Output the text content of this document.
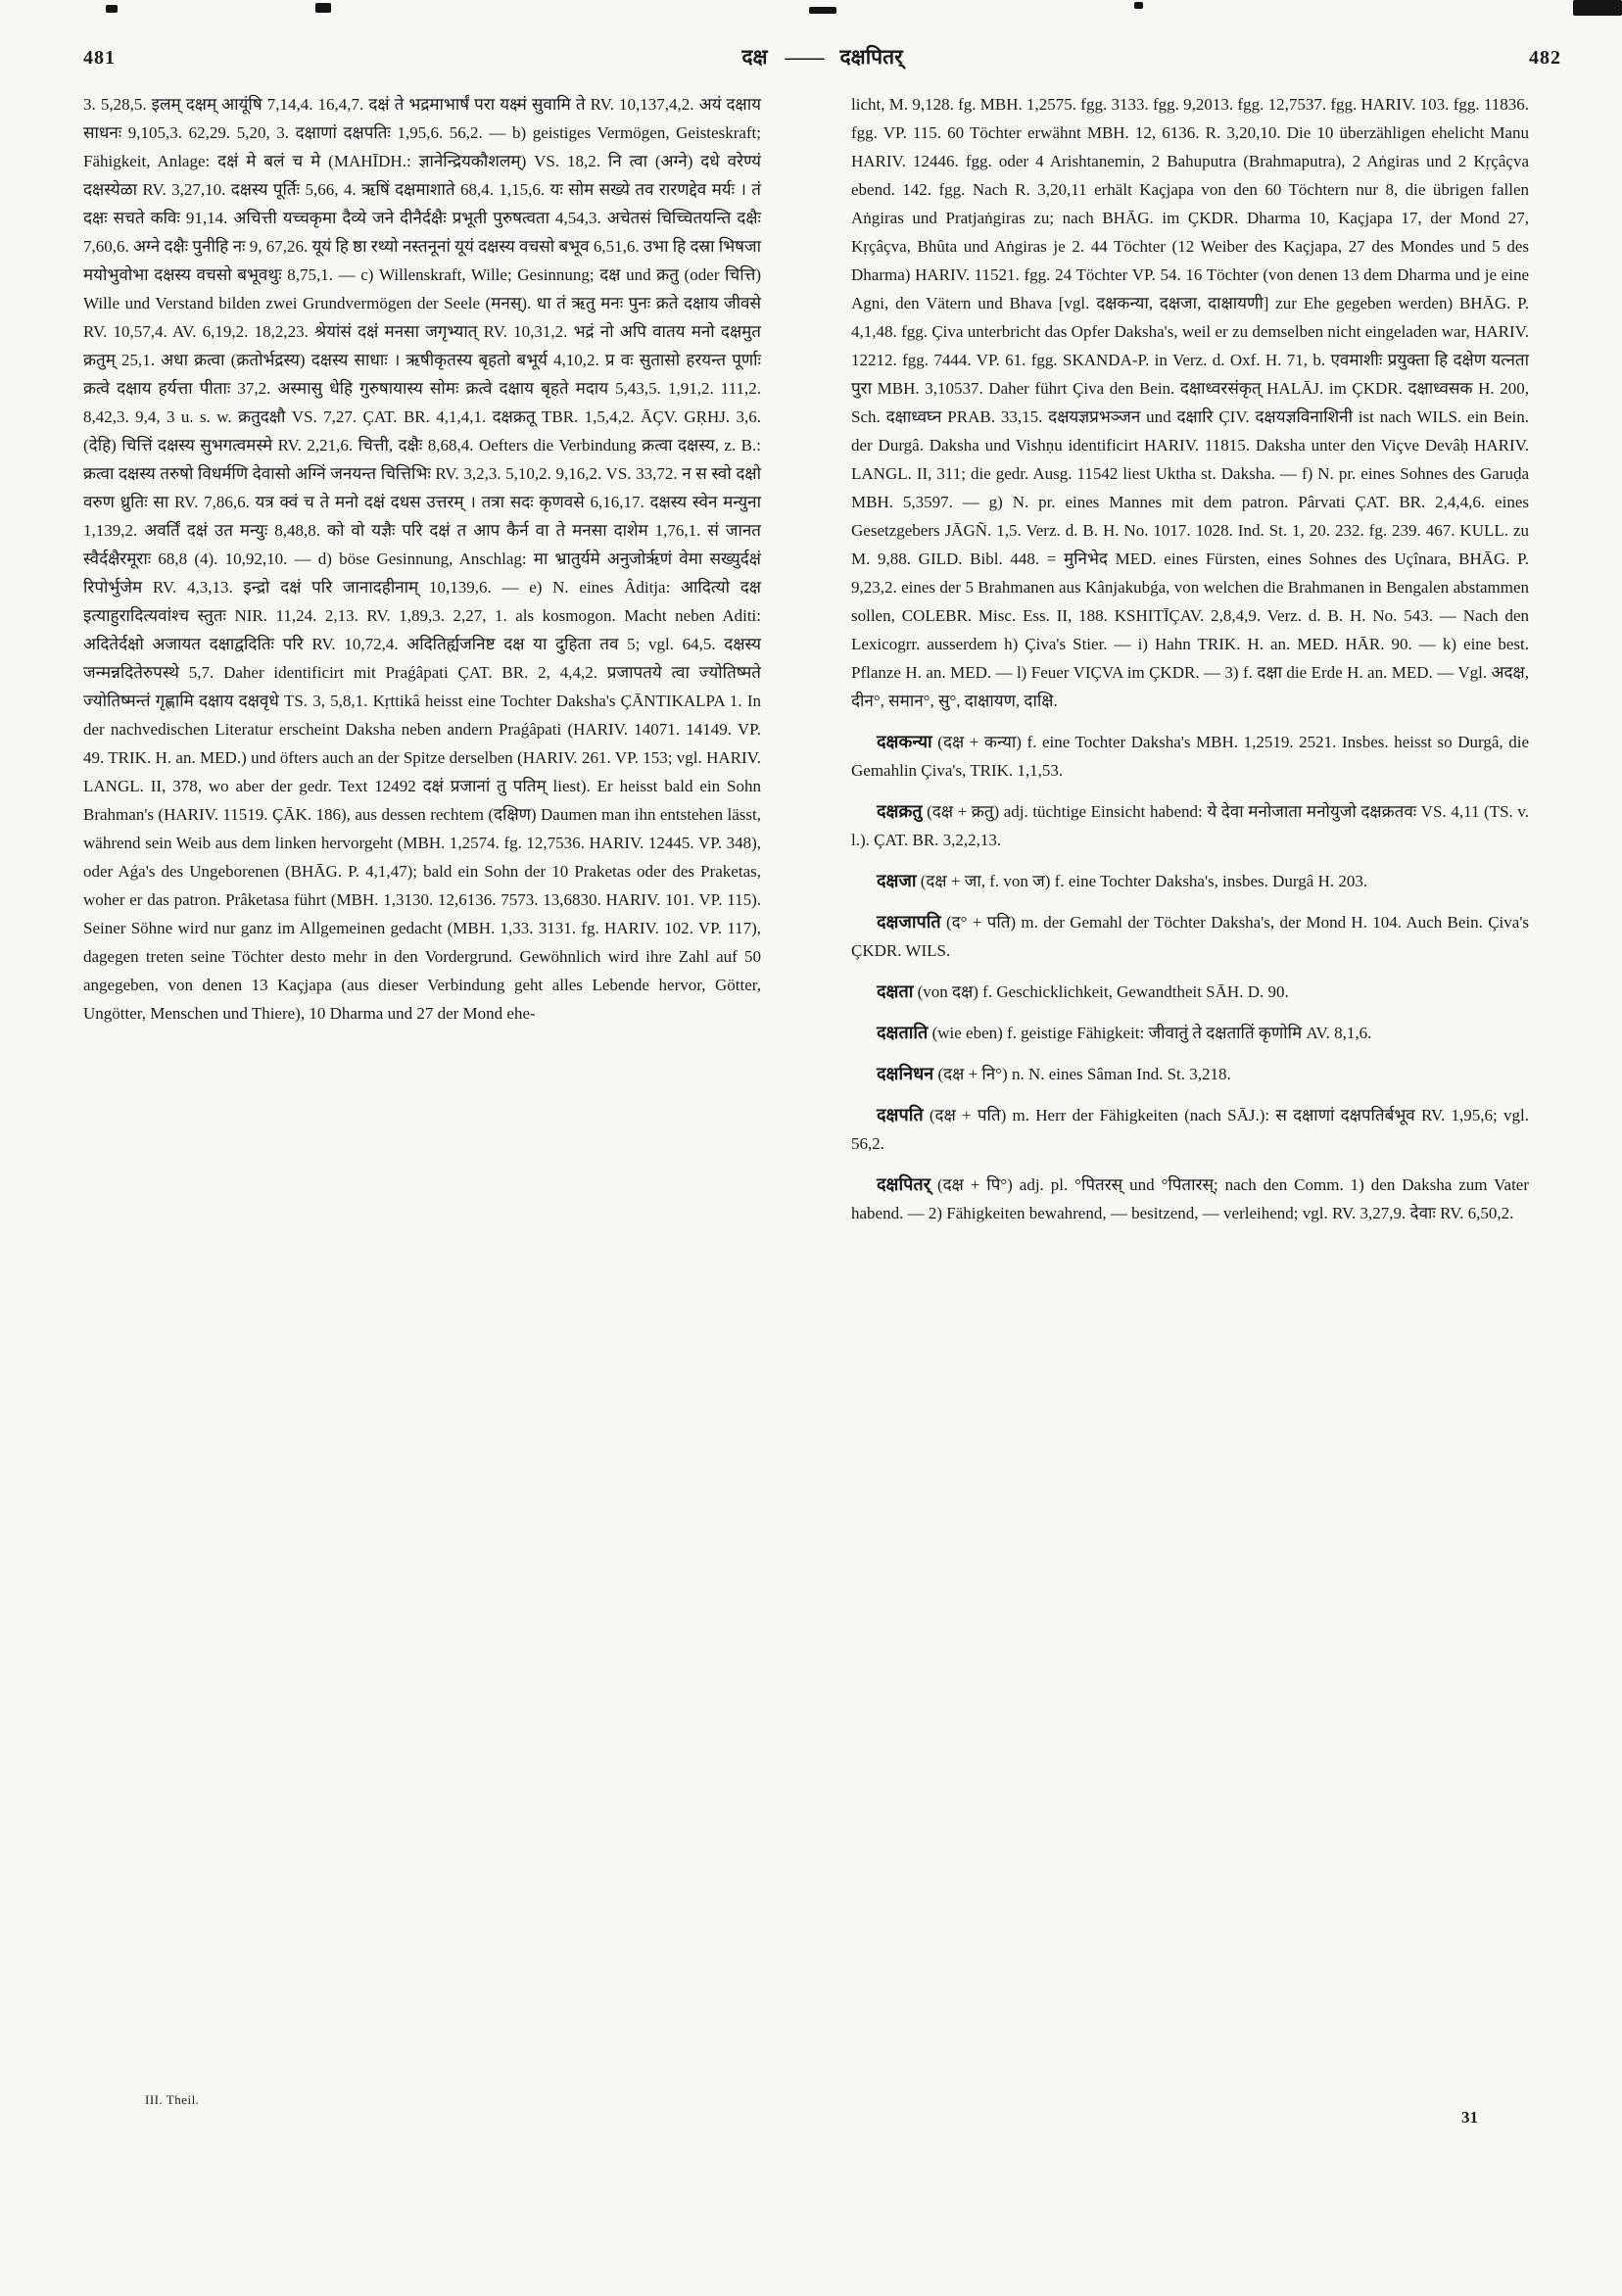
481	दक्ष —— दक्षपितर्	482

3. 5,28,5. इलम् दक्षम् आयूंषि 7,14,4. 16,4,7. दक्षं ते भद्रमाभार्षं परा यक्ष्मं सुवामि ते RV. 10,137,4,2. अयं दक्षाय साधनः 9,105,3. 62,29. 5,20, 3. दक्षाणां दक्षपतिः 1,95,6. 56,2. — b) geistiges Vermögen, Geisteskraft; Fähigkeit, Anlage: दक्षं मे बलं च मे (MAHĪDH.: ज्ञानेन्द्रियकौशलम्) VS. 18,2. नि त्वा (अग्ने) दधे वरेण्यं दक्षस्येळा RV. 3,27,10. दक्षस्य पूर्तिः 5,66, 4. ऋषिं दक्षमाशाते 68,4. 1,15,6. यः सोम सख्ये तव रारणद्देव मर्यः । तं दक्षः सचते कविः 91,14. अचित्ती यच्चकृमा दैव्ये जने दीनैर्दक्षैः प्रभूती पुरुषत्वता 4,54,3. अचेतसं चिच्चितयन्ति दक्षैः 7,60,6. अग्ने दक्षैः पुनीहि नः 9, 67,26. यूयं हि ष्ठा रथ्यो नस्तनूनां यूयं दक्षस्य वचसो बभूव 6,51,6. उभा हि दस्रा भिषजा मयोभुवोभा दक्षस्य वचसो बभूवथुः 8,75,1. — c) Willenskraft, Wille; Gesinnung; दक्ष und क्रतु (oder चित्ति) Wille und Verstand bilden zwei Grundvermögen der Seele (मनस्). धा तं ऋतु मनः पुनः क्रते दक्षाय जीवसे RV. 10,57,4. AV. 6,19,2. 18,2,23. श्रेयांसं दक्षं मनसा जगृभ्यात् RV. 10,31,2. भद्रं नो अपि वातय मनो दक्षमुत क्रतुम् 25,1. अधा क्रत्वा (क्रतोर्भद्रस्य) दक्षस्य साधाः । ऋषीकृतस्य बृहतो बभूर्य 4,10,2. प्र वः सुतासो हरयन्त पूर्णाः क्रत्वे दक्षाय हर्यत्ता पीताः 37,2. अस्मासु धेहि गुरुषायास्य सोमः क्रत्वे दक्षाय बृहते मदाय 5,43,5. 1,91,2. 111,2. 8,42,3. 9,4, 3 u. s. w. क्रतुदक्षौ VS. 7,27. ÇAT. BR. 4,1,4,1. दक्षक्रतू TBR. 1,5,4,2. ĀÇV. GṚHJ. 3,6. (देहि) चित्तिं दक्षस्य सुभगत्वमस्मे RV. 2,21,6. चित्ती, दक्षैः 8,68,4. Oefters die Verbindung क्रत्वा दक्षस्य, z. B.: क्रत्वा दक्षस्य तरुषो विधर्मणि देवासो अग्निं जनयन्त चित्तिभिः RV. 3,2,3. 5,10,2. 9,16,2. VS. 33,72. न स स्वो दक्षो वरुण ध्रुतिः सा RV. 7,86,6. यत्र क्वं च ते मनो दक्षं दधस उत्तरम् । तत्रा सदः कृणवसे 6,16,17. दक्षस्य स्वेन मन्युना 1,139,2. अवर्तिं दक्षं उत मन्युः 8,48,8. को वो यज्ञैः परि दक्षं त आप कैर्न वा ते मनसा दाशेम 1,76,1. सं जानत स्वैर्दक्षैरमूराः 68,8 (4). 10,92,10. — d) böse Gesinnung, Anschlag: मा भ्रातुर्यमे अनुजोर्ऋणं वेमा सख्युर्दक्षं रिपोर्भुजेम RV. 4,3,13. इन्द्रो दक्षं परि जानादहीनाम् 10,139,6. — e) N. eines Âditja: आदित्यो दक्ष इत्याहुरादित्यवांश्च स्तुतः NIR. 11,24. 2,13. RV. 1,89,3. 2,27, 1. als kosmogon. Macht neben Aditi: अदितेर्दक्षो अजायत दक्षाद्वदितिः परि RV. 10,72,4. अदितिर्ह्यजनिष्ट दक्ष या दुहिता तव 5; vgl. 64,5. दक्षस्य जन्मन्नदितेरुपस्थे 5,7. Daher identificirt mit Praǵâpati ÇAT. BR. 2, 4,4,2. प्रजापतये त्वा ज्योतिष्मते ज्योतिष्मन्तं गृह्णामि दक्षाय दक्षवृधे TS. 3, 5,8,1. Kṛttikâ heisst eine Tochter Daksha's ÇĀNTIKALPA 1. In der nachvedischen Literatur erscheint Daksha neben andern Praǵâpati (HARIV. 14071. 14149. VP. 49. TRIK. H. an. MED.) und öfters auch an der Spitze derselben (HARIV. 261. VP. 153; vgl. HARIV. LANGL. II, 378, wo aber der gedr. Text 12492 दक्षं प्रजानां तु पतिम् liest). Er heisst bald ein Sohn Brahman's (HARIV. 11519. ÇĀK. 186), aus dessen rechtem (दक्षिण) Daumen man ihn entstehen lässt, während sein Weib aus dem linken hervorgeht (MBH. 1,2574. fg. 12,7536. HARIV. 12445. VP. 348), oder Aǵa's des Ungeborenen (BHĀG. P. 4,1,47); bald ein Sohn der 10 Praketas oder des Praketas, woher er das patron. Prâketasa führt (MBH. 1,3130. 12,6136. 7573. 13,6830. HARIV. 101. VP. 115). Seiner Söhne wird nur ganz im Allgemeinen gedacht (MBH. 1,33. 3131. fg. HARIV. 102. VP. 117), dagegen treten seine Töchter desto mehr in den Vordergrund. Gewöhnlich wird ihre Zahl auf 50 angegeben, von denen 13 Kaçjapa (aus dieser Verbindung geht alles Lebende hervor, Götter, Ungötter, Menschen und Thiere), 10 Dharma und 27 der Mond ehe-

licht, M. 9,128. fg. MBH. 1,2575. fgg. 3133. fgg. 9,2013. fgg. 12,7537. fgg. HARIV. 103. fgg. 11836. fgg. VP. 115. 60 Töchter erwähnt MBH. 12, 6136. R. 3,20,10. Die 10 überzähligen ehelicht Manu HARIV. 12446. fgg. oder 4 Arishtanemin, 2 Bahuputra (Brahmaputra), 2 Aṅgiras und 2 Kṛçâçva ebend. 142. fgg. Nach R. 3,20,11 erhält Kaçjapa von den 60 Töchtern nur 8, die übrigen fallen Aṅgiras und Pratjaṅgiras zu; nach BHĀG. im ÇKDR. Dharma 10, Kaçjapa 17, der Mond 27, Kṛçâçva, Bhûta und Aṅgiras je 2. 44 Töchter (12 Weiber des Kaçjapa, 27 des Mondes und 5 des Dharma) HARIV. 11521. fgg. 24 Töchter VP. 54. 16 Töchter (von denen 13 dem Dharma und je eine Agni, den Vätern und Bhava [vgl. दक्षकन्या, दक्षजा, दाक्षायणी] zur Ehe gegeben werden) BHĀG. P. 4,1,48. fgg. Çiva unterbricht das Opfer Daksha's, weil er zu demselben nicht eingeladen war, HARIV. 12212. fgg. 7444. VP. 61. fgg. SKANDA-P. in Verz. d. Oxf. H. 71, b. एवमाशीः प्रयुक्ता हि दक्षेण यत्नता पुरा MBH. 3,10537. Daher führt Çiva den Bein. दक्षाध्वरसंकृत् HALĀJ. im ÇKDR. दक्षाध्वसक H. 200, Sch. दक्षाध्वघ्न PRAB. 33,15. दक्षयज्ञप्रभञ्जन und दक्षारि ÇIV. दक्षयज्ञविनाशिनी ist nach WILS. ein Bein. der Durgâ. Daksha und Vishṇu identificirt HARIV. 11815. Daksha unter den Viçve Devâḥ HARIV. LANGL. II, 311; die gedr. Ausg. 11542 liest Uktha st. Daksha. — f) N. pr. eines Sohnes des Garuḍa MBH. 5,3597. — g) N. pr. eines Mannes mit dem patron. Pârvati ÇAT. BR. 2,4,4,6. eines Gesetzgebers JĀGÑ. 1,5. Verz. d. B. H. No. 1017. 1028. Ind. St. 1, 20. 232. fg. 239. 467. KULL. zu M. 9,88. GILD. Bibl. 448. = मुनिभेद MED. eines Fürsten, eines Sohnes des Uçînara, BHĀG. P. 9,23,2. eines der 5 Brahmanen aus Kânjakubǵa, von welchen die Brahmanen in Bengalen abstammen sollen, COLEBR. Misc. Ess. II, 188. KSHITĪÇAV. 2,8,4,9. Verz. d. B. H. No. 543. — Nach den Lexicogrr. ausserdem h) Çiva's Stier. — i) Hahn TRIK. H. an. MED. HĀR. 90. — k) eine best. Pflanze H. an. MED. — l) Feuer VIÇVA im ÇKDR. — 3) f. दक्षा die Erde H. an. MED. — Vgl. अदक्ष, दीन°, समान°, सु°, दाक्षायण, दाक्षि.

दक्षकन्या (दक्ष + कन्या) f. eine Tochter Daksha's MBH. 1,2519. 2521. Insbes. heisst so Durgâ, die Gemahlin Çiva's, TRIK. 1,1,53.

दक्षक्रतु (दक्ष + क्रतु) adj. tüchtige Einsicht habend: ये देवा मनोजाता मनोयुजो दक्षक्रतवः VS. 4,11 (TS. v. l.). ÇAT. BR. 3,2,2,13.

दक्षजा (दक्ष + जा, f. von ज) f. eine Tochter Daksha's, insbes. Durgâ H. 203.

दक्षजापति (द° + पति) m. der Gemahl der Töchter Daksha's, der Mond H. 104. Auch Bein. Çiva's ÇKDR. WILS.

दक्षता (von दक्ष) f. Geschicklichkeit, Gewandtheit SĀH. D. 90.

दक्षताति (wie eben) f. geistige Fähigkeit: जीवातुं ते दक्षतातिं कृणोमि AV. 8,1,6.

दक्षनिधन (दक्ष + नि°) n. N. eines Sâman Ind. St. 3,218.

दक्षपति (दक्ष + पति) m. Herr der Fähigkeiten (nach SĀJ.): स दक्षाणां दक्षपतिर्बभूव RV. 1,95,6; vgl. 56,2.

दक्षपितर् (दक्ष + पि°) adj. pl. °पितरस् und °पितारस्; nach den Comm. 1) den Daksha zum Vater habend. — 2) Fähigkeiten bewahrend, — besitzend, — verleihend; vgl. RV. 3,27,9. देवाः RV. 6,50,2.

III. Theil.
31
